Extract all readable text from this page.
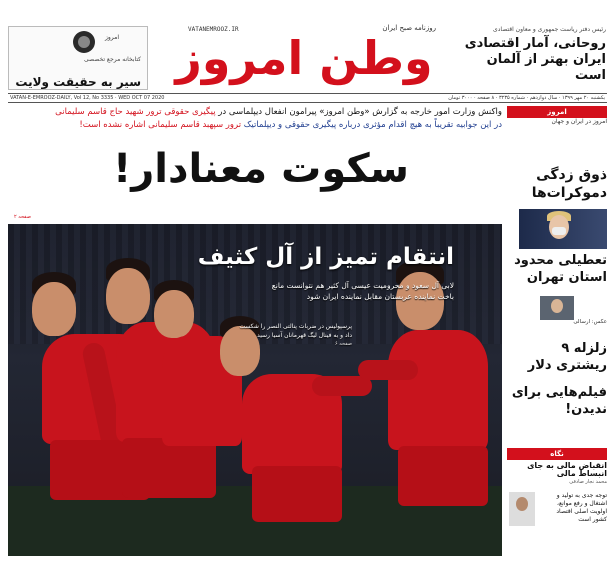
امروز
کتابخانه مرجع تخصصی
سیر به حقیقت ولایت
VATANEMROOZ.IR	روزنامه صبح ایران
وطن امروز
رئیس دفتر ریاست جمهوری و معاون اقتصادی
روحانی، آمار اقتصادی ایران بهتر از آلمان است
VATAN-E-EMROOZ-DAILY, Vol 12, No 3335 · WED OCT 07 2020	یکشنبه ۲۰ مهر ۱۳۹۹ · سال دوازدهم · شماره ۳۲۳۵ · ۸ صفحه · ۳۰۰۰ تومان
واکنش وزارت امور خارجه به گزارش «وطن امروز» پیرامون انفعال دیپلماسی در پیگیری حقوقی ترور شهید حاج قاسم سلیمانی
در این جوابیه تقریباً به هیچ اقدام مؤثری درباره پیگیری حقوقی و دیپلماتیک ترور سپهبد قاسم سلیمانی اشاره نشده است!
سکوت معنادار!
صفحه ۲
انتقام تمیز از آل کثیف
لابی آل سعود و محرومیت عیسی آل کثیر هم نتوانست مانع باخت نماینده عربستان مقابل نماینده ایران شود
پرسپولیس در ضربات پنالتی النصر را شکست داد و به فینال لیگ قهرمانان آسیا رسید
صفحه ۶
امروز
امروز در ایران و جهان
ذوق زدگی دموکرات‌ها
تعطیلی محدود استان تهران
عکس: ارسالی
زلزله ۹ ریشتری دلار
فیلم‌هایی برای ندیدن!
نگاه
انقباض مالی به جای انبساط مالی
محمد نجار صادقی
توجه جدی به تولید و اشتغال و رفع موانع، اولویت اصلی اقتصاد کشور است
